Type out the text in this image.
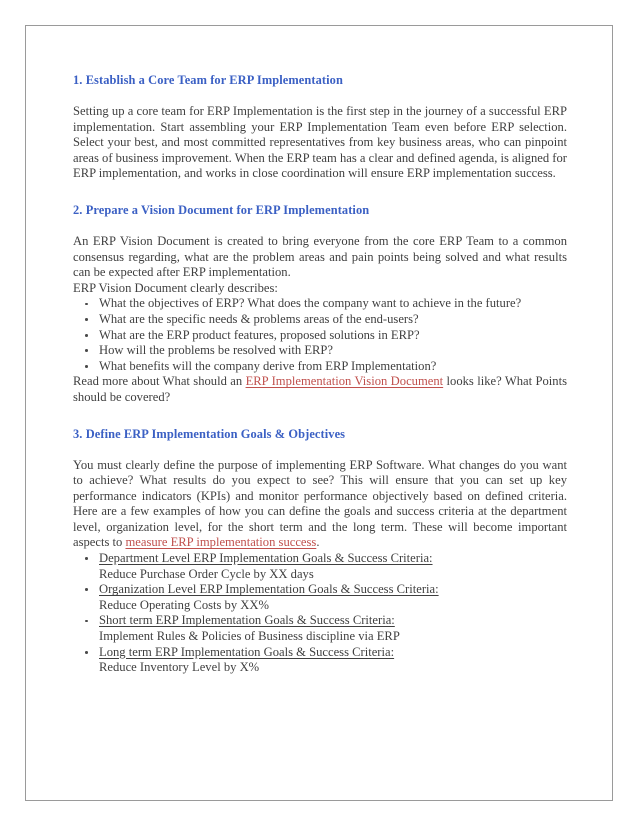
1. Establish a Core Team for ERP Implementation

Setting up a core team for ERP Implementation is the first step in the journey of a successful ERP implementation. Start assembling your ERP Implementation Team even before ERP selection. Select your best, and most committed representatives from key business areas, who can pinpoint areas of business improvement. When the ERP team has a clear and defined agenda, is aligned for ERP implementation, and works in close coordination will ensure ERP implementation success.

2. Prepare a Vision Document for ERP Implementation

An ERP Vision Document is created to bring everyone from the core ERP Team to a common consensus regarding, what are the problem areas and pain points being solved and what results can be expected after ERP implementation.

ERP Vision Document clearly describes:

What the objectives of ERP? What does the company want to achieve in the future?
What are the specific needs & problems areas of the end-users?
What are the ERP product features, proposed solutions in ERP?
How will the problems be resolved with ERP?
What benefits will the company derive from ERP Implementation?

Read more about What should an ERP Implementation Vision Document looks like? What Points should be covered?

3. Define ERP Implementation Goals & Objectives

You must clearly define the purpose of implementing ERP Software. What changes do you want to achieve? What results do you expect to see? This will ensure that you can set up key performance indicators (KPIs) and monitor performance objectively based on defined criteria. Here are a few examples of how you can define the goals and success criteria at the department level, organization level, for the short term and the long term. These will become important aspects to measure ERP implementation success.

Department Level ERP Implementation Goals & Success Criteria:
Reduce Purchase Order Cycle by XX days
Organization Level ERP Implementation Goals & Success Criteria:
Reduce Operating Costs by XX%
Short term ERP Implementation Goals & Success Criteria:
Implement Rules & Policies of Business discipline via ERP
Long term ERP Implementation Goals & Success Criteria:
Reduce Inventory Level by X%
